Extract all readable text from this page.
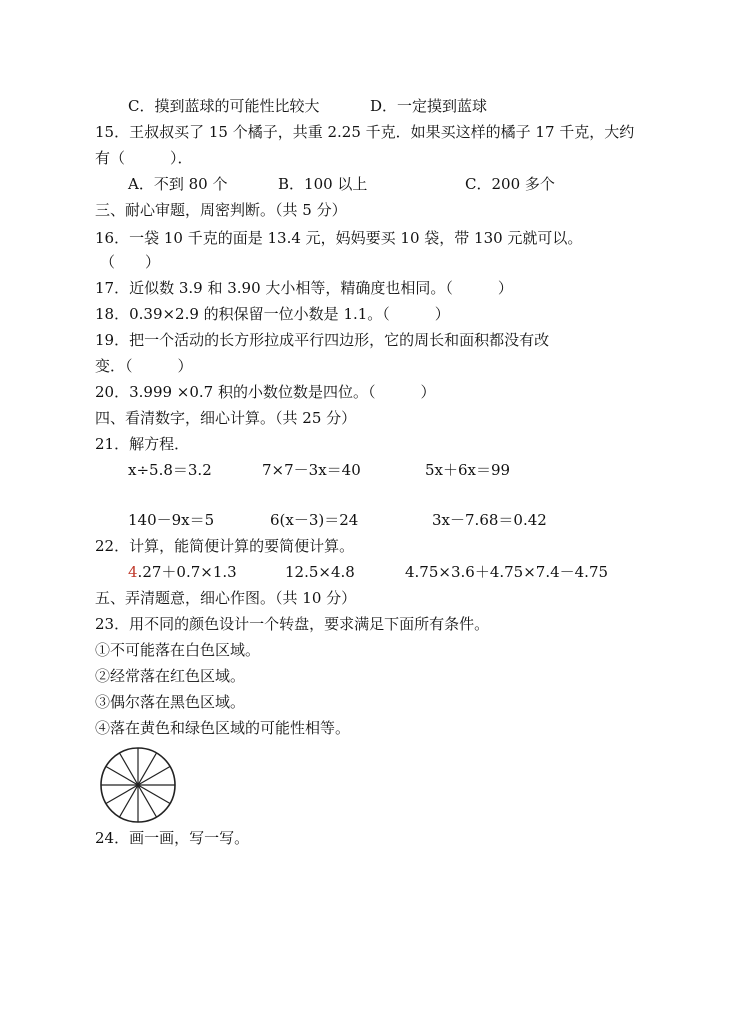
C．摸到蓝球的可能性比较大	D．一定摸到蓝球
15．王叔叔买了 15 个橘子，共重 2.25 千克．如果买这样的橘子 17 千克，大约
有（　　　）．
A．不到 80 个	B．100 以上	C．200 多个
三、耐心审题，周密判断。（共 5 分）
16．一袋 10 千克的面是 13.4 元，妈妈要买 10 袋，带 130 元就可以。
（　　）
17．近似数 3.9 和 3.90 大小相等，精确度也相同。（　　　）
18．0.39×2.9 的积保留一位小数是 1.1。（　　　）
19．把一个活动的长方形拉成平行四边形，它的周长和面积都没有改
变．（　　　）
20．3.999 ×0.7 积的小数位数是四位。（　　　）
四、看清数字，细心计算。（共 25 分）
21．解方程．
x÷5.8＝3.2	7×7－3x＝40	5x＋6x＝99
140－9x＝5	6(x－3)＝24	3x－7.68＝0.42
22．计算，能简便计算的要简便计算。
4.27＋0.7×1.3	12.5×4.8	4.75×3.6＋4.75×7.4－4.75
五、弄清题意，细心作图。（共 10 分）
23．用不同的颜色设计一个转盘，要求满足下面所有条件。
①不可能落在白色区域。
②经常落在红色区域。
③偶尔落在黑色区域。
④落在黄色和绿色区域的可能性相等。
24．画一画，写一写。
